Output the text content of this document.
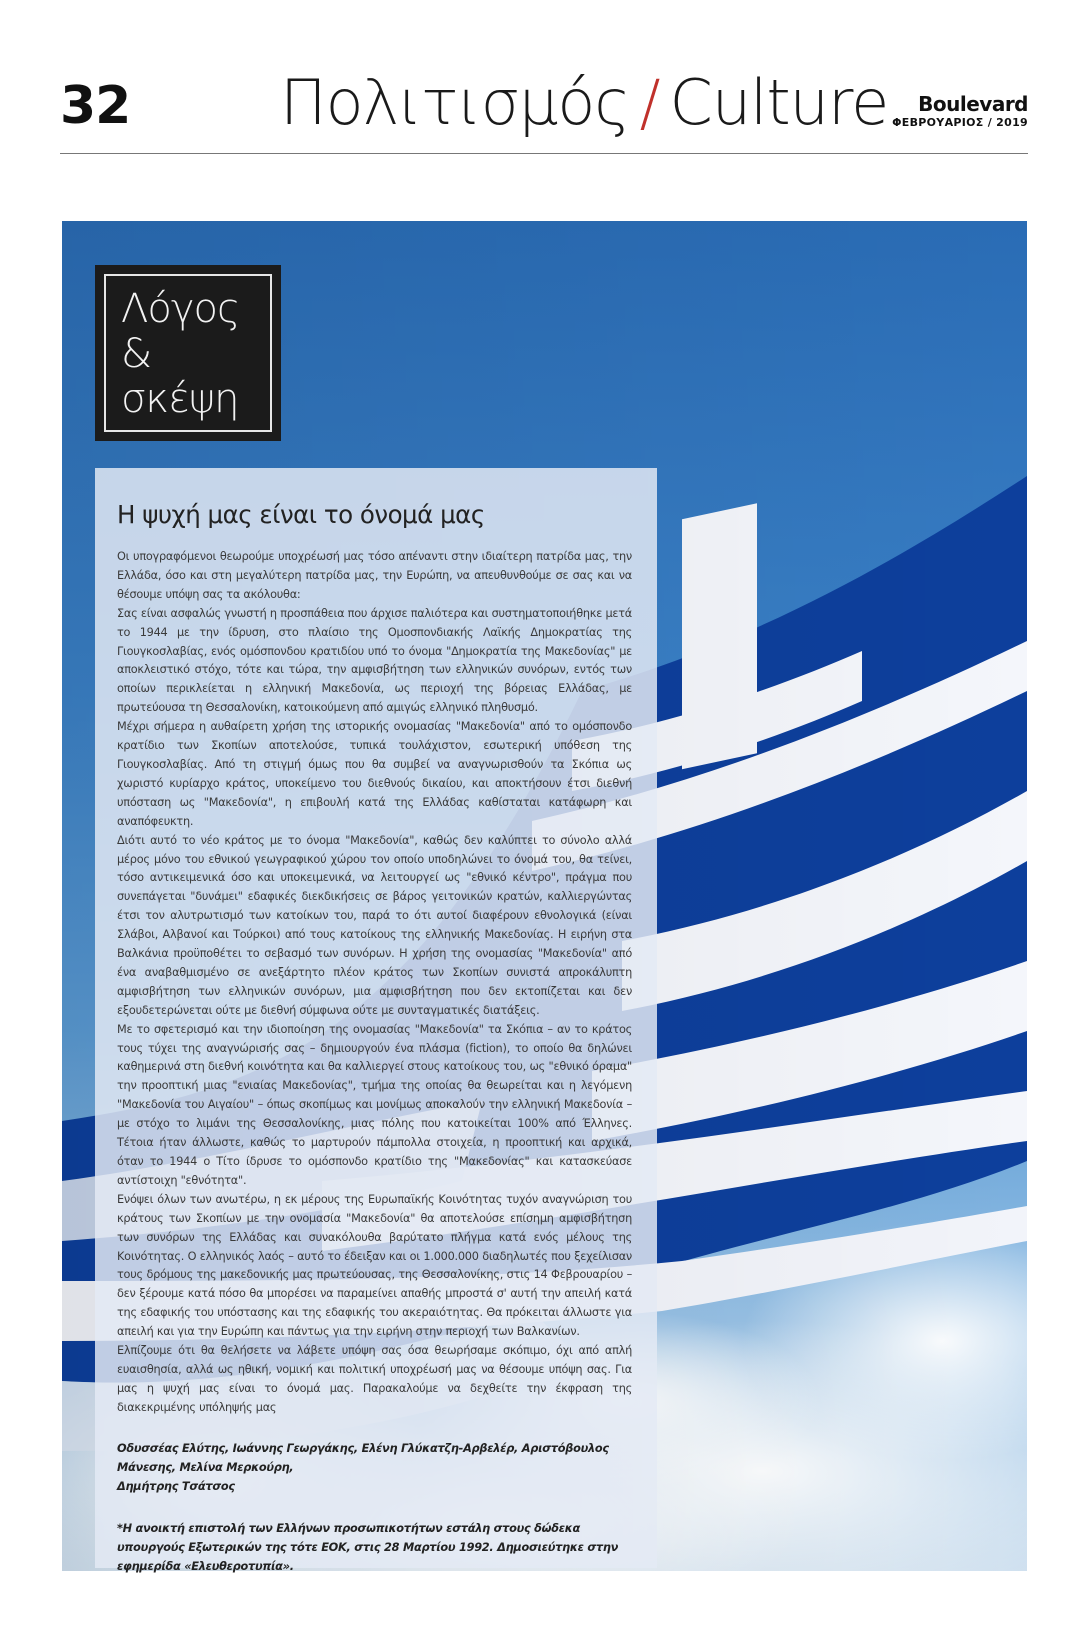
32 Πολιτισμός / Culture	Boulevard
ΦΕΒΡΟΥΑΡΙΟΣ / 2019
Λόγος
&
σκέψη
Η ψυχή μας είναι το όνομά μας

Οι υπογραφόμενοι θεωρούμε υποχρέωσή μας τόσο απέναντι στην ιδιαίτερη πατρίδα μας, την Ελλάδα, όσο και στη μεγαλύτερη πατρίδα μας, την Ευρώπη, να απευθυνθούμε σε σας και να θέσουμε υπόψη σας τα ακόλουθα:

Σας είναι ασφαλώς γνωστή η προσπάθεια που άρχισε παλιότερα και συστηματοποιήθηκε μετά το 1944 με την ίδρυση, στο πλαίσιο της Ομοσπονδιακής Λαϊκής Δημοκρατίας της Γιουγκοσλαβίας, ενός ομόσπονδου κρατιδίου υπό το όνομα "Δημοκρατία της Μακεδονίας" με αποκλειστικό στόχο, τότε και τώρα, την αμφισβήτηση των ελληνικών συνόρων, εντός των οποίων περικλείεται η ελληνική Μακεδονία, ως περιοχή της βόρειας Ελλάδας, με πρωτεύουσα τη Θεσσαλονίκη, κατοικούμενη από αμιγώς ελληνικό πληθυσμό.

Μέχρι σήμερα η αυθαίρετη χρήση της ιστορικής ονομασίας "Μακεδονία" από το ομόσπονδο κρατίδιο των Σκοπίων αποτελούσε, τυπικά τουλάχιστον, εσωτερική υπόθεση της Γιουγκοσλαβίας. Από τη στιγμή όμως που θα συμβεί να αναγνωρισθούν τα Σκόπια ως χωριστό κυρίαρχο κράτος, υποκείμενο του διεθνούς δικαίου, και αποκτήσουν έτσι διεθνή υπόσταση ως "Μακεδονία", η επιβουλή κατά της Ελλάδας καθίσταται κατάφωρη και αναπόφευκτη.

Διότι αυτό το νέο κράτος με το όνομα "Μακεδονία", καθώς δεν καλύπτει το σύνολο αλλά μέρος μόνο του εθνικού γεωγραφικού χώρου τον οποίο υποδηλώνει το όνομά του, θα τείνει, τόσο αντικειμενικά όσο και υποκειμενικά, να λειτουργεί ως "εθνικό κέντρο", πράγμα που συνεπάγεται "δυνάμει" εδαφικές διεκδικήσεις σε βάρος γειτονικών κρατών, καλλιεργώντας έτσι τον αλυτρωτισμό των κατοίκων του, παρά το ότι αυτοί διαφέρουν εθνολογικά (είναι Σλάβοι, Αλβανοί και Τούρκοι) από τους κατοίκους της ελληνικής Μακεδονίας. Η ειρήνη στα Βαλκάνια προϋποθέτει το σεβασμό των συνόρων. Η χρήση της ονομασίας "Μακεδονία" από ένα αναβαθμισμένο σε ανεξάρτητο πλέον κράτος των Σκοπίων συνιστά απροκάλυπτη αμφισβήτηση των ελληνικών συνόρων, μια αμφισβήτηση που δεν εκτοπίζεται και δεν εξουδετερώνεται ούτε με διεθνή σύμφωνα ούτε με συνταγματικές διατάξεις.

Με το σφετερισμό και την ιδιοποίηση της ονομασίας "Μακεδονία" τα Σκόπια – αν το κράτος τους τύχει της αναγνώρισής σας – δημιουργούν ένα πλάσμα (fiction), το οποίο θα δηλώνει καθημερινά στη διεθνή κοινότητα και θα καλλιεργεί στους κατοίκους του, ως "εθνικό όραμα" την προοπτική μιας "ενιαίας Μακεδονίας", τμήμα της οποίας θα θεωρείται και η λεγόμενη "Μακεδονία του Αιγαίου" – όπως σκοπίμως και μονίμως αποκαλούν την ελληνική Μακεδονία – με στόχο το λιμάνι της Θεσσαλονίκης, μιας πόλης που κατοικείται 100% από Έλληνες. Τέτοια ήταν άλλωστε, καθώς το μαρτυρούν πάμπολλα στοιχεία, η προοπτική και αρχικά, όταν το 1944 ο Τίτο ίδρυσε το ομόσπονδο κρατίδιο της "Μακεδονίας" και κατασκεύασε αντίστοιχη "εθνότητα".

Ενόψει όλων των ανωτέρω, η εκ μέρους της Ευρωπαϊκής Κοινότητας τυχόν αναγνώριση του κράτους των Σκοπίων με την ονομασία "Μακεδονία" θα αποτελούσε επίσημη αμφισβήτηση των συνόρων της Ελλάδας και συνακόλουθα βαρύτατο πλήγμα κατά ενός μέλους της Κοινότητας. Ο ελληνικός λαός – αυτό το έδειξαν και οι 1.000.000 διαδηλωτές που ξεχείλισαν τους δρόμους της μακεδονικής μας πρωτεύουσας, της Θεσσαλονίκης, στις 14 Φεβρουαρίου – δεν ξέρουμε κατά πόσο θα μπορέσει να παραμείνει απαθής μπροστά σ' αυτή την απειλή κατά της εδαφικής του υπόστασης και της εδαφικής του ακεραιότητας. Θα πρόκειται άλλωστε για απειλή και για την Ευρώπη και πάντως για την ειρήνη στην περιοχή των Βαλκανίων.

Ελπίζουμε ότι θα θελήσετε να λάβετε υπόψη σας όσα θεωρήσαμε σκόπιμο, όχι από απλή ευαισθησία, αλλά ως ηθική, νομική και πολιτική υποχρέωσή μας να θέσουμε υπόψη σας. Για μας η ψυχή μας είναι το όνομά μας. Παρακαλούμε να δεχθείτε την έκφραση της διακεκριμένης υπόληψής μας

Οδυσσέας Ελύτης, Ιωάννης Γεωργάκης, Ελένη Γλύκατζη-Αρβελέρ, Αριστόβουλος Μάνεσης, Μελίνα Μερκούρη,

Δημήτρης Τσάτσος

*Η ανοικτή επιστολή των Ελλήνων προσωπικοτήτων εστάλη στους δώδεκα υπουργούς Εξωτερικών της τότε ΕΟΚ, στις 28 Μαρτίου 1992. Δημοσιεύτηκε στην εφημερίδα «Ελευθεροτυπία».
